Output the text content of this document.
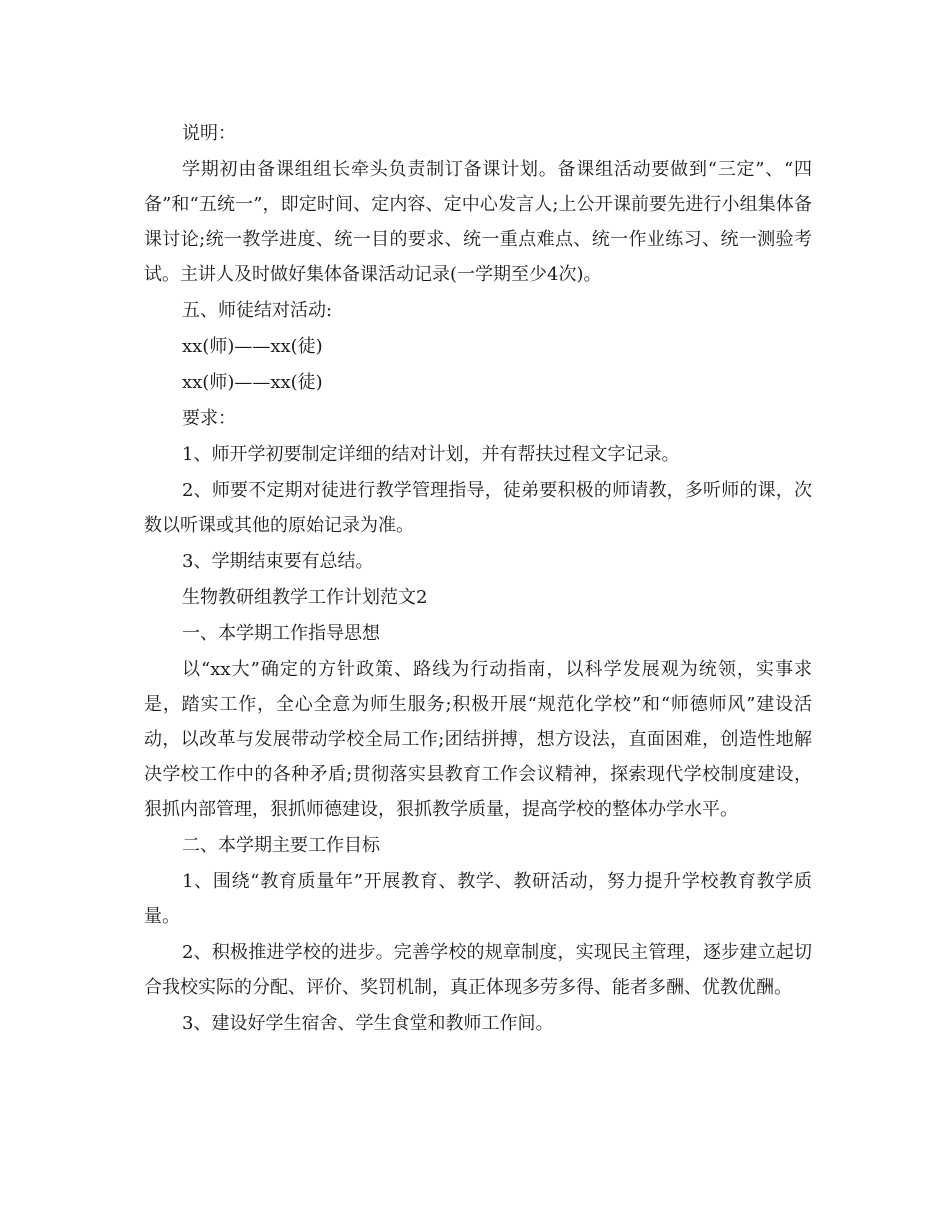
说明：

学期初由备课组组长牵头负责制订备课计划。备课组活动要做到“三定”、“四备”和“五统一”，即定时间、定内容、定中心发言人;上公开课前要先进行小组集体备课讨论;统一教学进度、统一目的要求、统一重点难点、统一作业练习、统一测验考试。主讲人及时做好集体备课活动记录(一学期至少4次)。

五、师徒结对活动:

xx(师)——xx(徒)

xx(师)——xx(徒)

要求：

1、师开学初要制定详细的结对计划，并有帮扶过程文字记录。

2、师要不定期对徒进行教学管理指导，徒弟要积极的师请教，多听师的课，次数以听课或其他的原始记录为准。

3、学期结束要有总结。

生物教研组教学工作计划范文2

一、本学期工作指导思想

以“xx大”确定的方针政策、路线为行动指南，以科学发展观为统领，实事求是，踏实工作，全心全意为师生服务;积极开展“规范化学校”和“师德师风”建设活动，以改革与发展带动学校全局工作;团结拼搏，想方设法，直面困难，创造性地解决学校工作中的各种矛盾;贯彻落实县教育工作会议精神，探索现代学校制度建设，狠抓内部管理，狠抓师德建设，狠抓教学质量，提高学校的整体办学水平。

二、本学期主要工作目标

1、围绕“教育质量年”开展教育、教学、教研活动，努力提升学校教育教学质量。

2、积极推进学校的进步。完善学校的规章制度，实现民主管理，逐步建立起切合我校实际的分配、评价、奖罚机制，真正体现多劳多得、能者多酬、优教优酬。

3、建设好学生宿舍、学生食堂和教师工作间。
